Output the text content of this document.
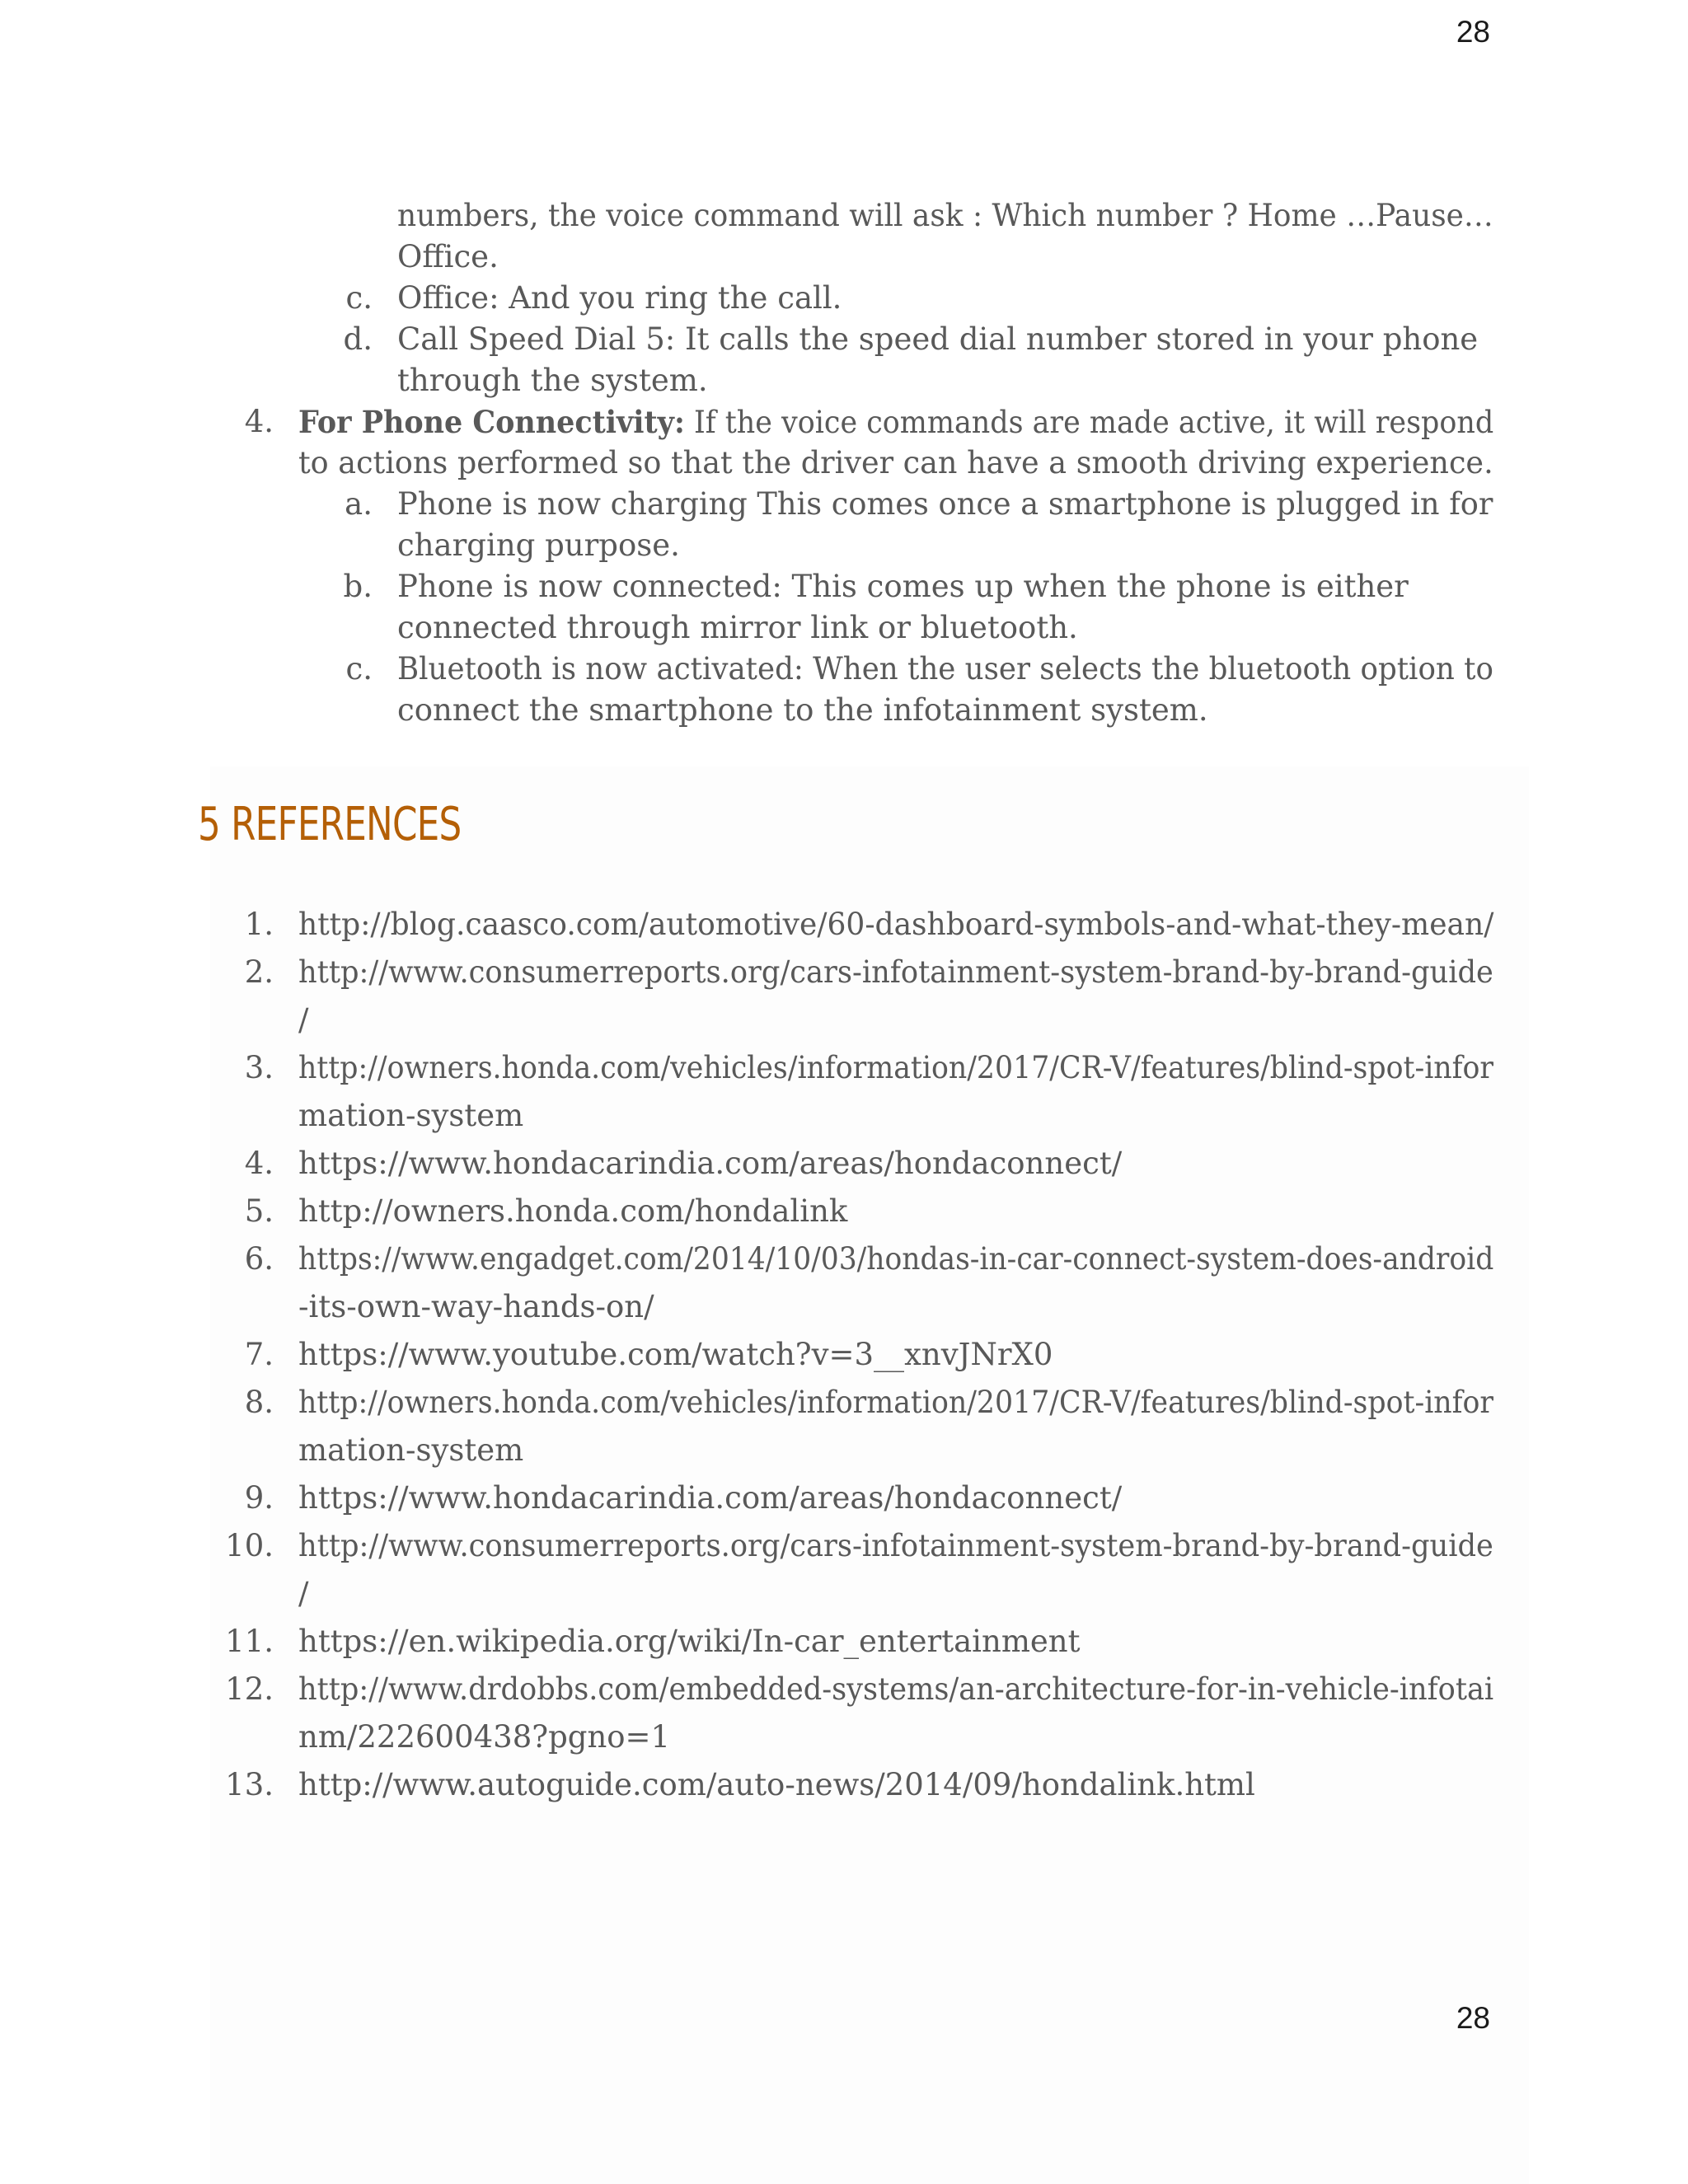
28
numbers, the voice command will ask : Which number ? Home …Pause…
Office.
c. Office: And you ring the call.
d. Call Speed Dial 5: It calls the speed dial number stored in your phone
through the system.
4. For Phone Connectivity: If the voice commands are made active, it will respond
to actions performed so that the driver can have a smooth driving experience.
a. Phone is now charging This comes once a smartphone is plugged in for
charging purpose.
b. Phone is now connected: This comes up when the phone is either
connected through mirror link or bluetooth.
c. Bluetooth is now activated: When the user selects the bluetooth option to
connect the smartphone to the infotainment system.
5 REFERENCES
1. http://blog.caasco.com/automotive/60-dashboard-symbols-and-what-they-mean/
2. http://www.consumerreports.org/cars-infotainment-system-brand-by-brand-guide
/
3. http://owners.honda.com/vehicles/information/2017/CR-V/features/blind-spot-infor
mation-system
4. https://www.hondacarindia.com/areas/hondaconnect/
5. http://owners.honda.com/hondalink
6. https://www.engadget.com/2014/10/03/hondas-in-car-connect-system-does-android
-its-own-way-hands-on/
7. https://www.youtube.com/watch?v=3__xnvJNrX0
8. http://owners.honda.com/vehicles/information/2017/CR-V/features/blind-spot-infor
mation-system
9. https://www.hondacarindia.com/areas/hondaconnect/
10. http://www.consumerreports.org/cars-infotainment-system-brand-by-brand-guide
/
11. https://en.wikipedia.org/wiki/In-car_entertainment
12. http://www.drdobbs.com/embedded-systems/an-architecture-for-in-vehicle-infotai
nm/222600438?pgno=1
13. http://www.autoguide.com/auto-news/2014/09/hondalink.html
28
